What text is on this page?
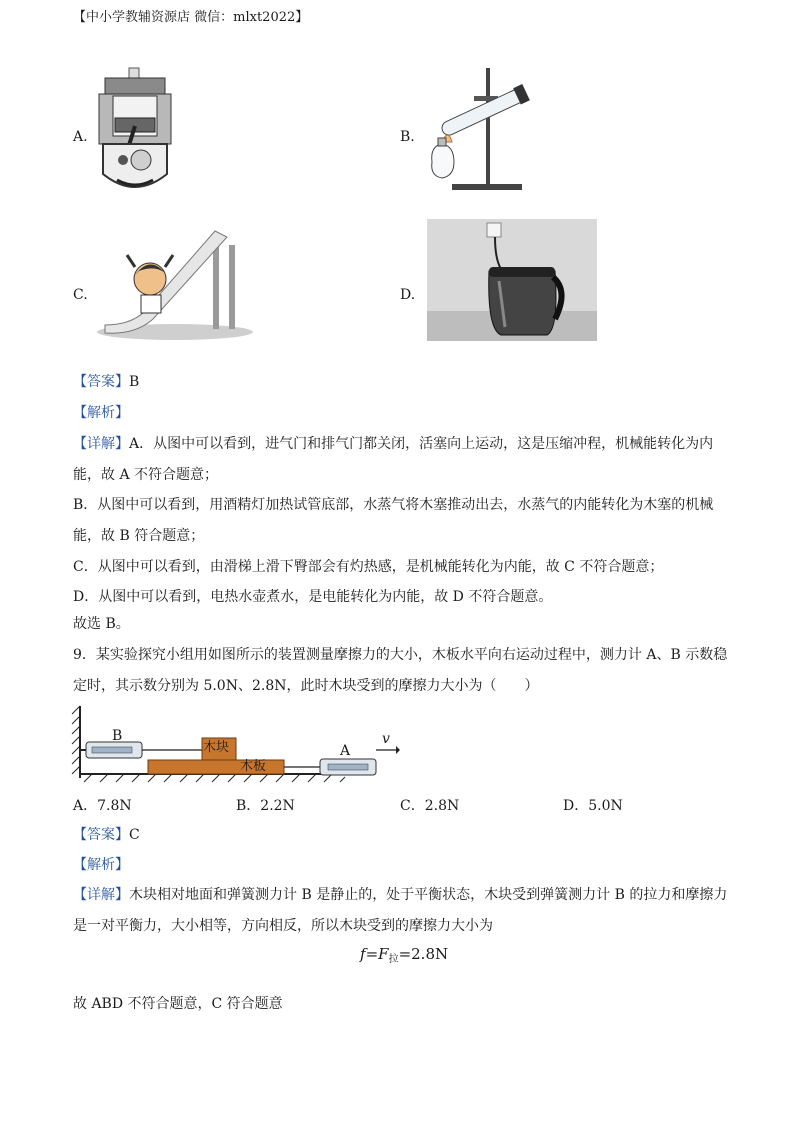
【中小学教辅资源店 微信：mlxt2022】
A.	B.
C.	D.
【答案】B
【解析】
【详解】A．从图中可以看到，进气门和排气门都关闭，活塞向上运动，这是压缩冲程，机械能转化为内
能，故 A 不符合题意；
B．从图中可以看到，用酒精灯加热试管底部，水蒸气将木塞推动出去，水蒸气的内能转化为木塞的机械
能，故 B 符合题意；
C．从图中可以看到，由滑梯上滑下臀部会有灼热感，是机械能转化为内能，故 C 不符合题意；
D．从图中可以看到，电热水壶煮水，是电能转化为内能，故 D 不符合题意。
故选 B。
9．某实验探究小组用如图所示的装置测量摩擦力的大小，木板水平向右运动过程中，测力计 A、B 示数稳
定时，其示数分别为 5.0N、2.8N，此时木块受到的摩擦力大小为（　　）
B
A
木块
木板
v
A．7.8N	B．2.2N	C．2.8N	D．5.0N
【答案】C
【解析】
【详解】木块相对地面和弹簧测力计 B 是静止的，处于平衡状态，木块受到弹簧测力计 B 的拉力和摩擦力
是一对平衡力，大小相等，方向相反，所以木块受到的摩擦力大小为
$f=F_拉=2.8N$
故 ABD 不符合题意，C 符合题意
